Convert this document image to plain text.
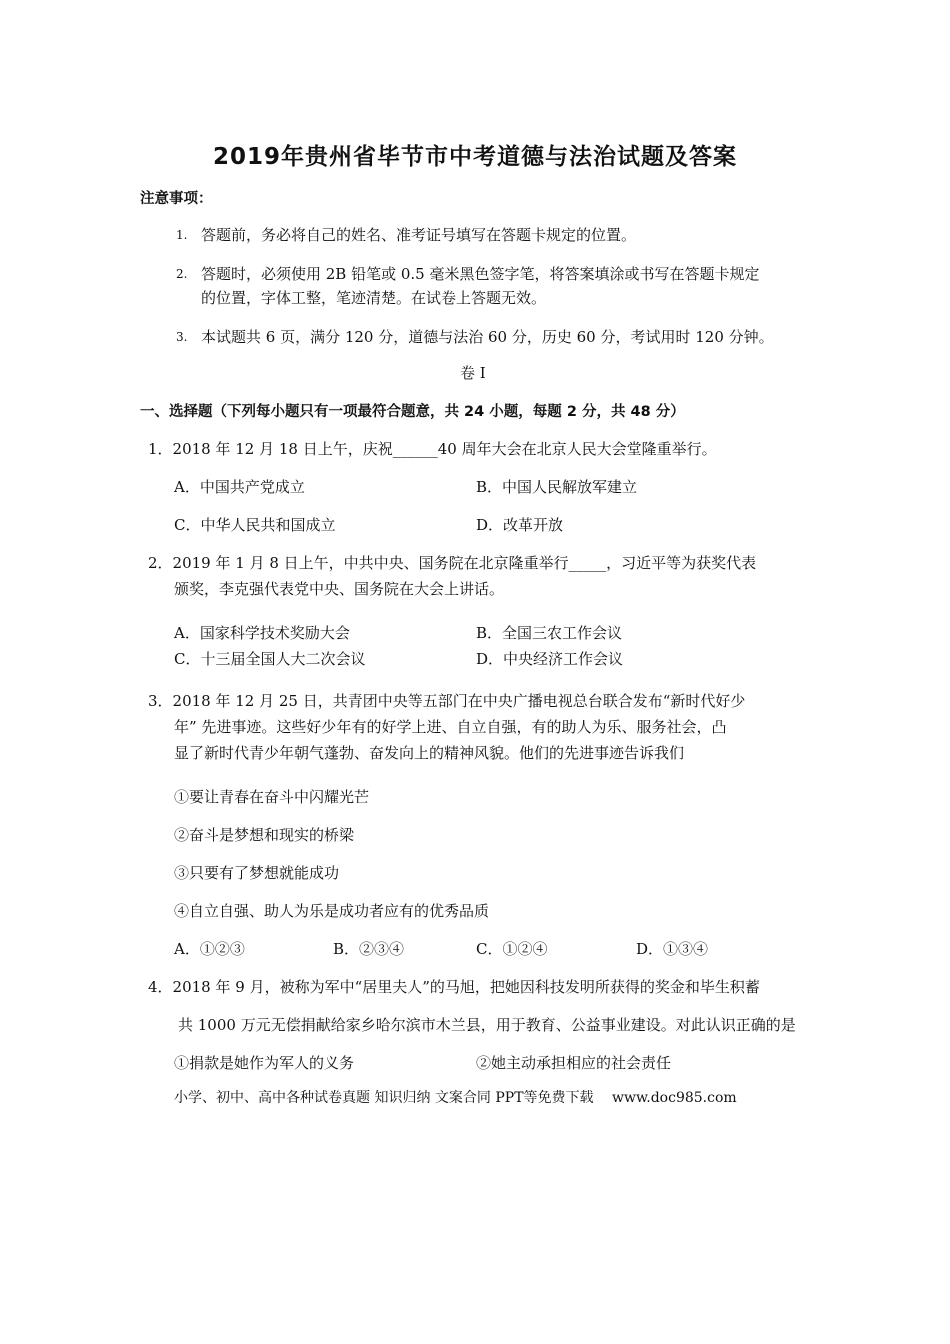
2019年贵州省毕节市中考道德与法治试题及答案
注意事项：
1. 答题前，务必将自己的姓名、准考证号填写在答题卡规定的位置。
2. 答题时，必须使用 2B 铅笔或 0.5 毫米黑色签字笔，将答案填涂或书写在答题卡规定
的位置，字体工整，笔迹清楚。在试卷上答题无效。
3. 本试题共 6 页，满分 120 分，道德与法治 60 分，历史 60 分，考试用时 120 分钟。
卷 I
一、选择题（下列每小题只有一项最符合题意，共 24 小题，每题 2 分，共 48 分）
1．2018 年 12 月 18 日上午，庆祝______40 周年大会在北京人民大会堂隆重举行。
A．中国共产党成立	B．中国人民解放军建立
C．中华人民共和国成立	D．改革开放
2．2019 年 1 月 8 日上午，中共中央、国务院在北京隆重举行_____，习近平等为获奖代表
颁奖，李克强代表党中央、国务院在大会上讲话。
A．国家科学技术奖励大会	B．全国三农工作会议
C．十三届全国人大二次会议	D．中央经济工作会议
3．2018 年 12 月 25 日，共青团中央等五部门在中央广播电视总台联合发布“新时代好少
年” 先进事迹。这些好少年有的好学上进、自立自强，有的助人为乐、服务社会，凸
显了新时代青少年朝气蓬勃、奋发向上的精神风貌。他们的先进事迹告诉我们
①要让青春在奋斗中闪耀光芒
②奋斗是梦想和现实的桥梁
③只要有了梦想就能成功
④自立自强、助人为乐是成功者应有的优秀品质
A．①②③	B．②③④	C．①②④	D．①③④
4．2018 年 9 月，被称为军中“居里夫人”的马旭，把她因科技发明所获得的奖金和毕生积蓄
共 1000 万元无偿捐献给家乡哈尔滨市木兰县，用于教育、公益事业建设。对此认识正确的是
①捐款是她作为军人的义务	②她主动承担相应的社会责任
小学、初中、高中各种试卷真题 知识归纳 文案合同 PPT等免费下载　 www.doc985.com
